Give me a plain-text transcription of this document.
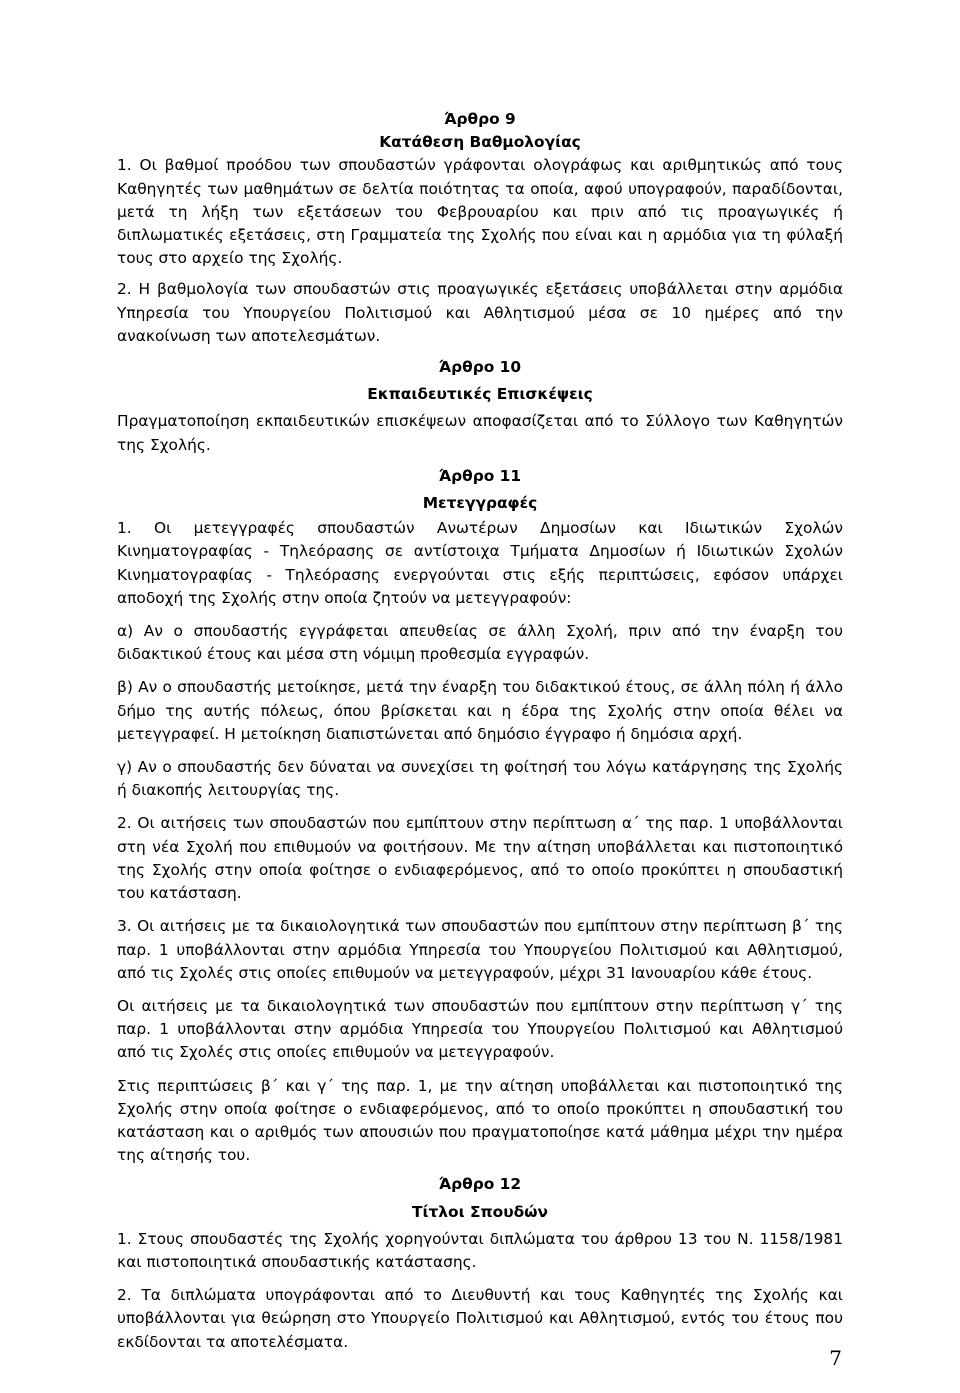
Άρθρο 9
Κατάθεση Βαθμολογίας

1. Οι βαθμοί προόδου των σπουδαστών γράφονται ολογράφως και αριθμητικώς από τους Καθηγητές των μαθημάτων σε δελτία ποιότητας τα οποία, αφού υπογραφούν, παραδίδονται, μετά τη λήξη των εξετάσεων του Φεβρουαρίου και πριν από τις προαγωγικές ή διπλωματικές εξετάσεις, στη Γραμματεία της Σχολής που είναι και η αρμόδια για τη φύλαξή τους στο αρχείο της Σχολής.

2. Η βαθμολογία των σπουδαστών στις προαγωγικές εξετάσεις υποβάλλεται στην αρμόδια Υπηρεσία του Υπουργείου Πολιτισμού και Αθλητισμού μέσα σε 10 ημέρες από την ανακοίνωση των αποτελεσμάτων.

Άρθρο 10
Εκπαιδευτικές Επισκέψεις

Πραγματοποίηση εκπαιδευτικών επισκέψεων αποφασίζεται από το Σύλλογο των Καθηγητών της Σχολής.

Άρθρο 11
Μετεγγραφές

1. Οι μετεγγραφές σπουδαστών Ανωτέρων Δημοσίων και Ιδιωτικών Σχολών Κινηματογραφίας - Τηλεόρασης σε αντίστοιχα Τμήματα Δημοσίων ή Ιδιωτικών Σχολών Κινηματογραφίας - Τηλεόρασης ενεργούνται στις εξής περιπτώσεις, εφόσον υπάρχει αποδοχή της Σχολής στην οποία ζητούν να μετεγγραφούν:

α) Αν ο σπουδαστής εγγράφεται απευθείας σε άλλη Σχολή, πριν από την έναρξη του διδακτικού έτους και μέσα στη νόμιμη προθεσμία εγγραφών.

β) Αν ο σπουδαστής μετοίκησε, μετά την έναρξη του διδακτικού έτους, σε άλλη πόλη ή άλλο δήμο της αυτής πόλεως, όπου βρίσκεται και η έδρα της Σχολής στην οποία θέλει να μετεγγραφεί. Η μετοίκηση διαπιστώνεται από δημόσιο έγγραφο ή δημόσια αρχή.

γ) Αν ο σπουδαστής δεν δύναται να συνεχίσει τη φοίτησή του λόγω κατάργησης της Σχολής ή διακοπής λειτουργίας της.

2. Οι αιτήσεις των σπουδαστών που εμπίπτουν στην περίπτωση α΄ της παρ. 1 υποβάλλονται στη νέα Σχολή που επιθυμούν να φοιτήσουν. Με την αίτηση υποβάλλεται και πιστοποιητικό της Σχολής στην οποία φοίτησε ο ενδιαφερόμενος, από το οποίο προκύπτει η σπουδαστική του κατάσταση.

3. Οι αιτήσεις με τα δικαιολογητικά των σπουδαστών που εμπίπτουν στην περίπτωση β΄ της παρ. 1 υποβάλλονται στην αρμόδια Υπηρεσία του Υπουργείου Πολιτισμού και Αθλητισμού, από τις Σχολές στις οποίες επιθυμούν να μετεγγραφούν, μέχρι 31 Ιανουαρίου κάθε έτους.

Οι αιτήσεις με τα δικαιολογητικά των σπουδαστών που εμπίπτουν στην περίπτωση γ΄ της παρ. 1 υποβάλλονται στην αρμόδια Υπηρεσία του Υπουργείου Πολιτισμού και Αθλητισμού από τις Σχολές στις οποίες επιθυμούν να μετεγγραφούν.

Στις περιπτώσεις β΄ και γ΄ της παρ. 1, με την αίτηση υποβάλλεται και πιστοποιητικό της Σχολής στην οποία φοίτησε ο ενδιαφερόμενος, από το οποίο προκύπτει η σπουδαστική του κατάσταση και ο αριθμός των απουσιών που πραγματοποίησε κατά μάθημα μέχρι την ημέρα της αίτησής του.

Άρθρο 12
Τίτλοι Σπουδών

1. Στους σπουδαστές της Σχολής χορηγούνται διπλώματα του άρθρου 13 του Ν. 1158/1981 και πιστοποιητικά σπουδαστικής κατάστασης.

2. Τα διπλώματα υπογράφονται από το Διευθυντή και τους Καθηγητές της Σχολής και υποβάλλονται για θεώρηση στο Υπουργείο Πολιτισμού και Αθλητισμού, εντός του έτους που εκδίδονται τα αποτελέσματα.

7
